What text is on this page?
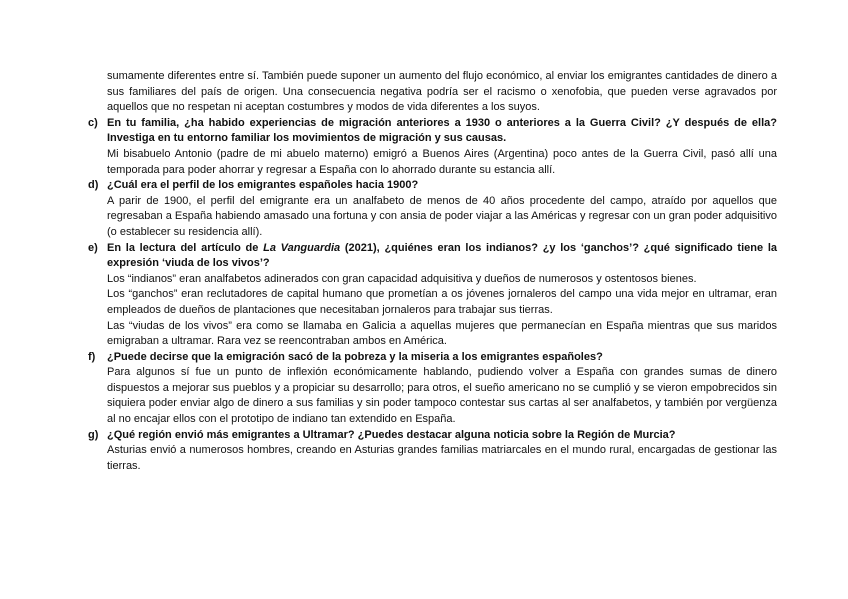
sumamente diferentes entre sí. También puede suponer un aumento del flujo económico, al enviar los emigrantes cantidades de dinero a sus familiares del país de origen. Una consecuencia negativa podría ser el racismo o xenofobia, que pueden verse agravados por aquellos que no respetan ni aceptan costumbres y modos de vida diferentes a los suyos.

c) En tu familia, ¿ha habido experiencias de migración anteriores a 1930 o anteriores a la Guerra Civil? ¿Y después de ella? Investiga en tu entorno familiar los movimientos de migración y sus causas.

Mi bisabuelo Antonio (padre de mi abuelo materno) emigró a Buenos Aires (Argentina) poco antes de la Guerra Civil, pasó allí una temporada para poder ahorrar y regresar a España con lo ahorrado durante su estancia allí.

d) ¿Cuál era el perfil de los emigrantes españoles hacia 1900?

A parir de 1900, el perfil del emigrante era un analfabeto de menos de 40 años procedente del campo, atraído por aquellos que regresaban a España habiendo amasado una fortuna y con ansia de poder viajar a las Américas y regresar con un gran poder adquisitivo (o establecer su residencia allí).

e) En la lectura del artículo de La Vanguardia (2021), ¿quiénes eran los indianos? ¿y los ‘ganchos’? ¿qué significado tiene la expresión ‘viuda de los vivos’?

Los “indianos” eran analfabetos adinerados con gran capacidad adquisitiva y dueños de numerosos y ostentosos bienes.

Los “ganchos” eran reclutadores de capital humano que prometían a os jóvenes jornaleros del campo una vida mejor en ultramar, eran empleados de dueños de plantaciones que necesitaban jornaleros para trabajar sus tierras.

Las “viudas de los vivos” era como se llamaba en Galicia a aquellas mujeres que permanecían en España mientras que sus maridos emigraban a ultramar. Rara vez se reencontraban ambos en América.

f) ¿Puede decirse que la emigración sacó de la pobreza y la miseria a los emigrantes españoles?

Para algunos sí fue un punto de inflexión económicamente hablando, pudiendo volver a España con grandes sumas de dinero dispuestos a mejorar sus pueblos y a propiciar su desarrollo; para otros, el sueño americano no se cumplió y se vieron empobrecidos sin siquiera poder enviar algo de dinero a sus familias y sin poder tampoco contestar sus cartas al ser analfabetos, y también por vergüenza al no encajar ellos con el prototipo de indiano tan extendido en España.

g) ¿Qué región envió más emigrantes a Ultramar? ¿Puedes destacar alguna noticia sobre la Región de Murcia?

Asturias envió a numerosos hombres, creando en Asturias grandes familias matriarcales en el mundo rural, encargadas de gestionar las tierras.
